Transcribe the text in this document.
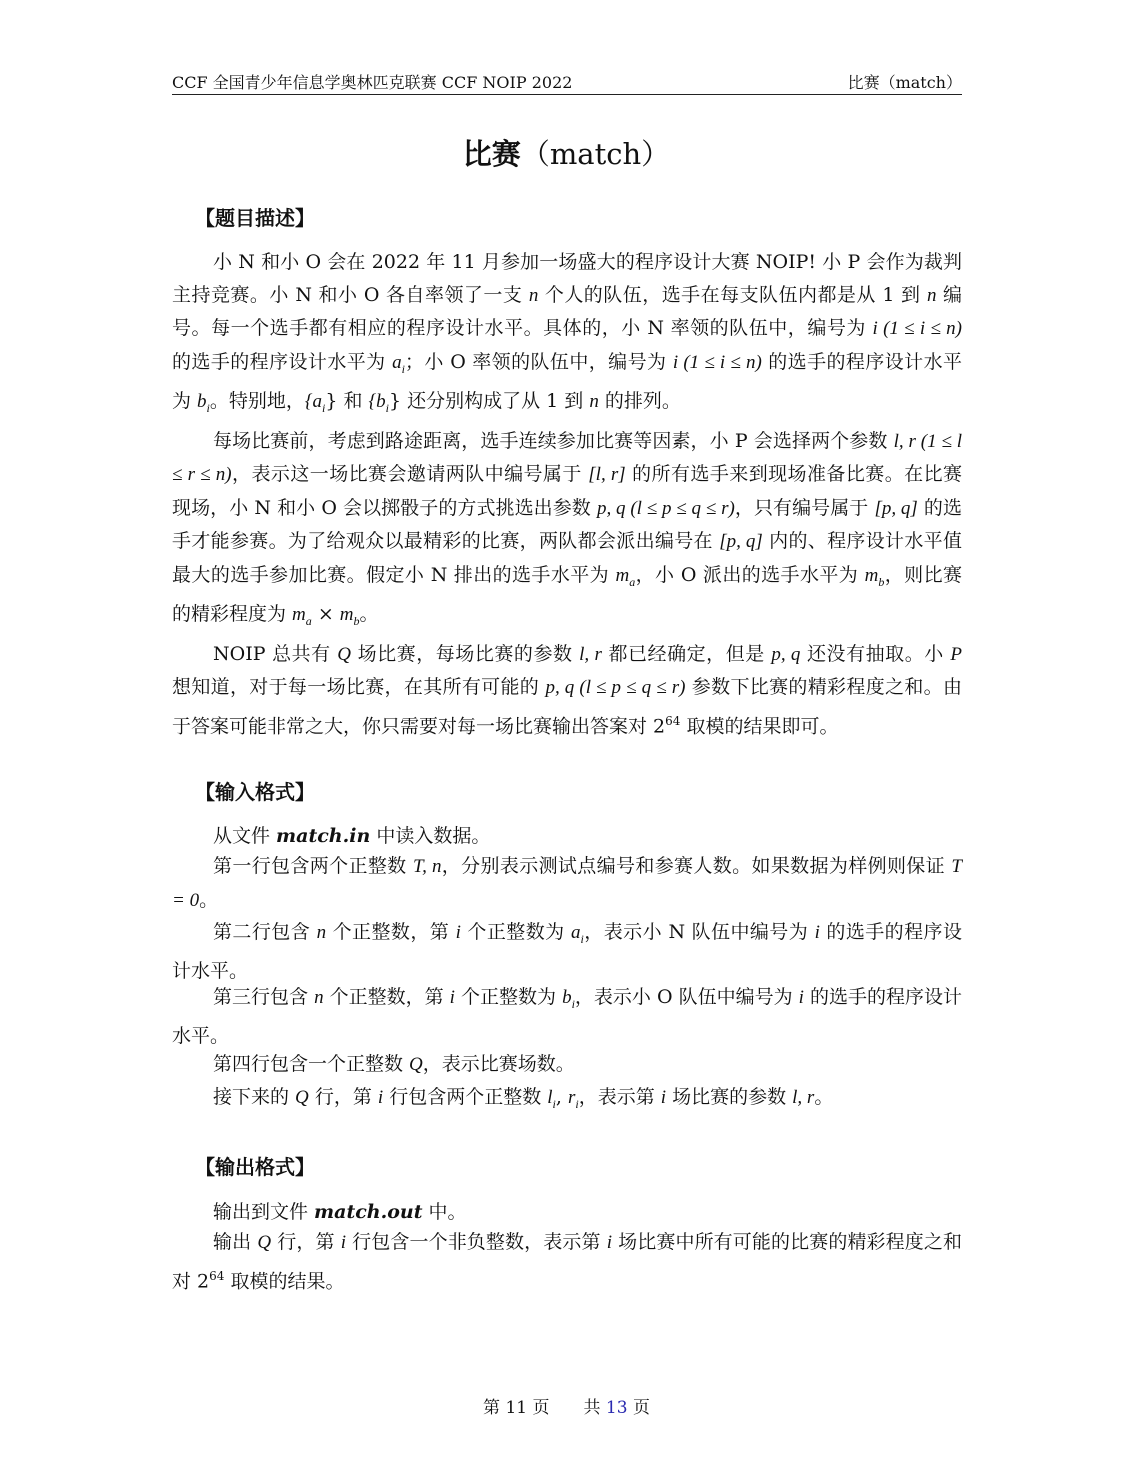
CCF 全国青少年信息学奥林匹克联赛 CCF NOIP 2022	比赛（match）
比赛（match）
【题目描述】

小 N 和小 O 会在 2022 年 11 月参加一场盛大的程序设计大赛 NOIP! 小 P 会作为裁判主持竞赛。小 N 和小 O 各自率领了一支 n 个人的队伍，选手在每支队伍内都是从 1 到 n 编号。每一个选手都有相应的程序设计水平。具体的，小 N 率领的队伍中，编号为 i (1 ≤ i ≤ n) 的选手的程序设计水平为 $a_i$；小 O 率领的队伍中，编号为 i (1 ≤ i ≤ n) 的选手的程序设计水平为 $b_i$。特别地，$\{a_i\}$ 和 $\{b_i\}$ 还分别构成了从 1 到 n 的排列。

每场比赛前，考虑到路途距离，选手连续参加比赛等因素，小 P 会选择两个参数 l, r (1 ≤ l ≤ r ≤ n)，表示这一场比赛会邀请两队中编号属于 [l, r] 的所有选手来到现场准备比赛。在比赛现场，小 N 和小 O 会以掷骰子的方式挑选出参数 p, q (l ≤ p ≤ q ≤ r)，只有编号属于 [p, q] 的选手才能参赛。为了给观众以最精彩的比赛，两队都会派出编号在 [p, q] 内的、程序设计水平值最大的选手参加比赛。假定小 N 排出的选手水平为 $m_a$，小 O 派出的选手水平为 $m_b$，则比赛的精彩程度为 $m_a \times m_b$。

NOIP 总共有 Q 场比赛，每场比赛的参数 l, r 都已经确定，但是 p, q 还没有抽取。小 P 想知道，对于每一场比赛，在其所有可能的 p, q (l ≤ p ≤ q ≤ r) 参数下比赛的精彩程度之和。由于答案可能非常之大，你只需要对每一场比赛输出答案对 $2^{64}$ 取模的结果即可。

【输入格式】
从文件 match.in 中读入数据。

第一行包含两个正整数 T, n，分别表示测试点编号和参赛人数。如果数据为样例则保证 T = 0。

第二行包含 n 个正整数，第 i 个正整数为 $a_i$，表示小 N 队伍中编号为 i 的选手的程序设计水平。

第三行包含 n 个正整数，第 i 个正整数为 $b_i$，表示小 O 队伍中编号为 i 的选手的程序设计水平。

第四行包含一个正整数 Q，表示比赛场数。
接下来的 Q 行，第 i 行包含两个正整数 $l_i$, $r_i$，表示第 i 场比赛的参数 l, r。
【输出格式】
输出到文件 match.out 中。

输出 Q 行，第 i 行包含一个非负整数，表示第 i 场比赛中所有可能的比赛的精彩程度之和对 $2^{64}$ 取模的结果。

第 11 页　　共 13 页
